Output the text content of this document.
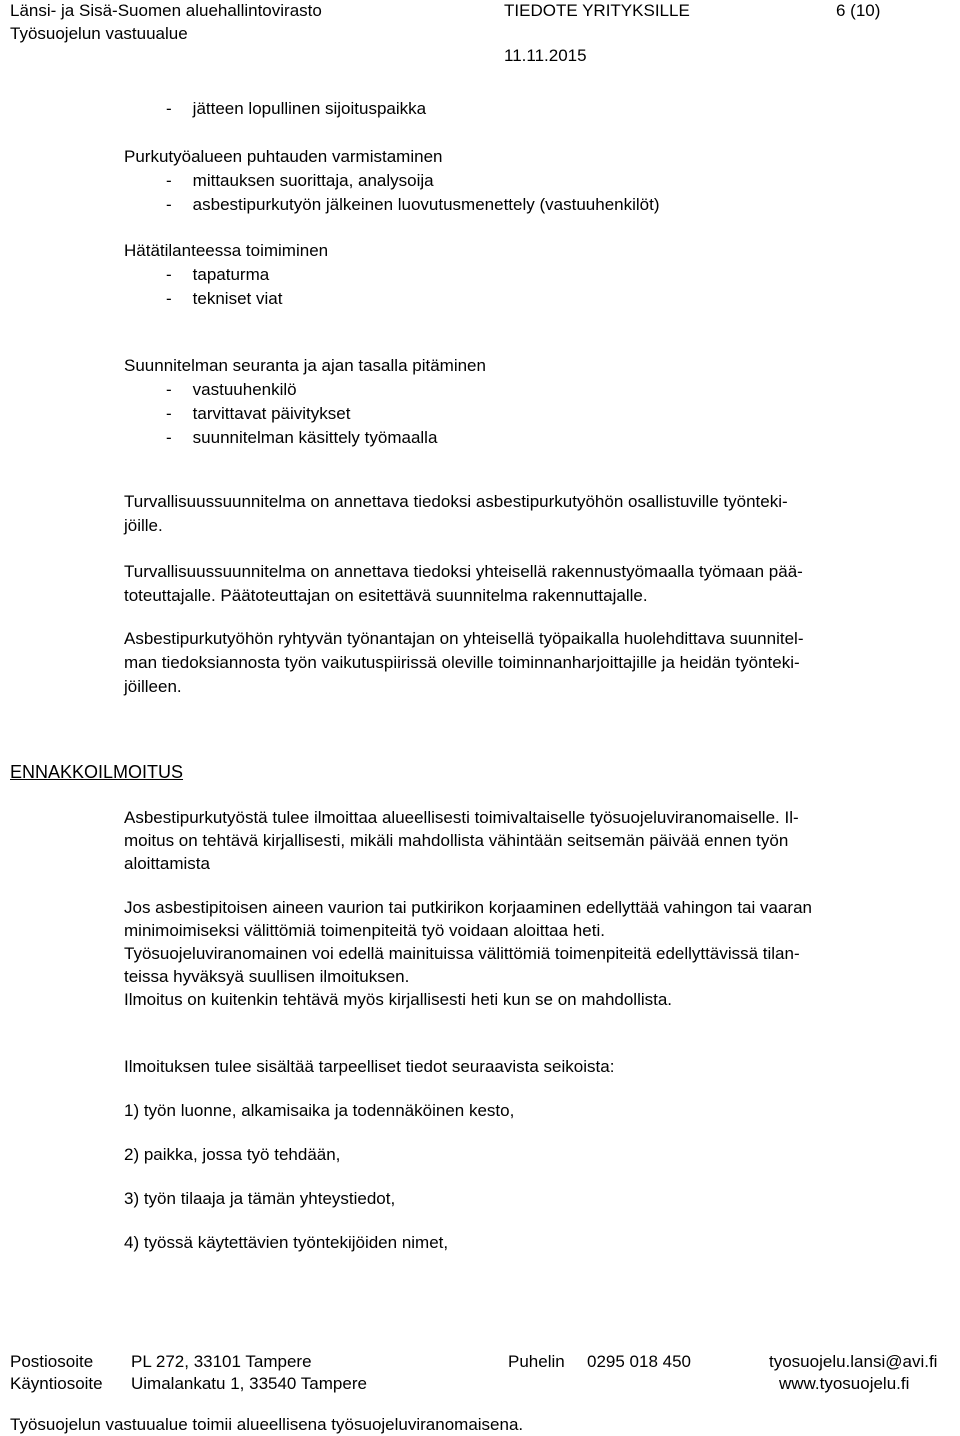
Länsi- ja Sisä-Suomen aluehallintovirasto
Työsuojelun vastuualue
TIEDOTE YRITYKSILLE	6 (10)
11.11.2015
- jätteen lopullinen sijoituspaikka
Purkutyöalueen puhtauden varmistaminen
- mittauksen suorittaja, analysoija
- asbestipurkutyön jälkeinen luovutusmenettely (vastuuhenkilöt)
Hätätilanteessa toimiminen
- tapaturma
- tekniset viat
Suunnitelman seuranta ja ajan tasalla pitäminen
- vastuuhenkilö
- tarvittavat päivitykset
- suunnitelman käsittely työmaalla
Turvallisuussuunnitelma on annettava tiedoksi asbestipurkutyöhön osallistuville työnteki-
jöille.
Turvallisuussuunnitelma on annettava tiedoksi yhteisellä rakennustyömaalla työmaan pää-
toteuttajalle. Päätoteuttajan on esitettävä suunnitelma rakennuttajalle.
Asbestipurkutyöhön ryhtyvän työnantajan on yhteisellä työpaikalla huolehdittava suunnitel-
man tiedoksiannosta työn vaikutuspiirissä oleville toiminnanharjoittajille ja heidän työnteki-
jöilleen.
ENNAKKOILMOITUS
Asbestipurkutyöstä tulee ilmoittaa alueellisesti toimivaltaiselle työsuojeluviranomaiselle. Il-
moitus on tehtävä kirjallisesti, mikäli mahdollista vähintään seitsemän päivää ennen työn
aloittamista
Jos asbestipitoisen aineen vaurion tai putkirikon korjaaminen edellyttää vahingon tai vaaran
minimoimiseksi välittömiä toimenpiteitä työ voidaan aloittaa heti.
Työsuojeluviranomainen voi edellä mainituissa välittömiä toimenpiteitä edellyttävissä tilan-
teissa hyväksyä suullisen ilmoituksen.
Ilmoitus on kuitenkin tehtävä myös kirjallisesti heti kun se on mahdollista.
Ilmoituksen tulee sisältää tarpeelliset tiedot seuraavista seikoista:
1) työn luonne, alkamisaika ja todennäköinen kesto,
2) paikka, jossa työ tehdään,
3) työn tilaaja ja tämän yhteystiedot,
4) työssä käytettävien työntekijöiden nimet,
Postiosoite PL 272, 33101 Tampere	Puhelin 0295 018 450	tyosuojelu.lansi@avi.fi
Käyntiosoite Uimalankatu 1, 33540 Tampere	www.tyosuojelu.fi
Työsuojelun vastuualue toimii alueellisena työsuojeluviranomaisena.
